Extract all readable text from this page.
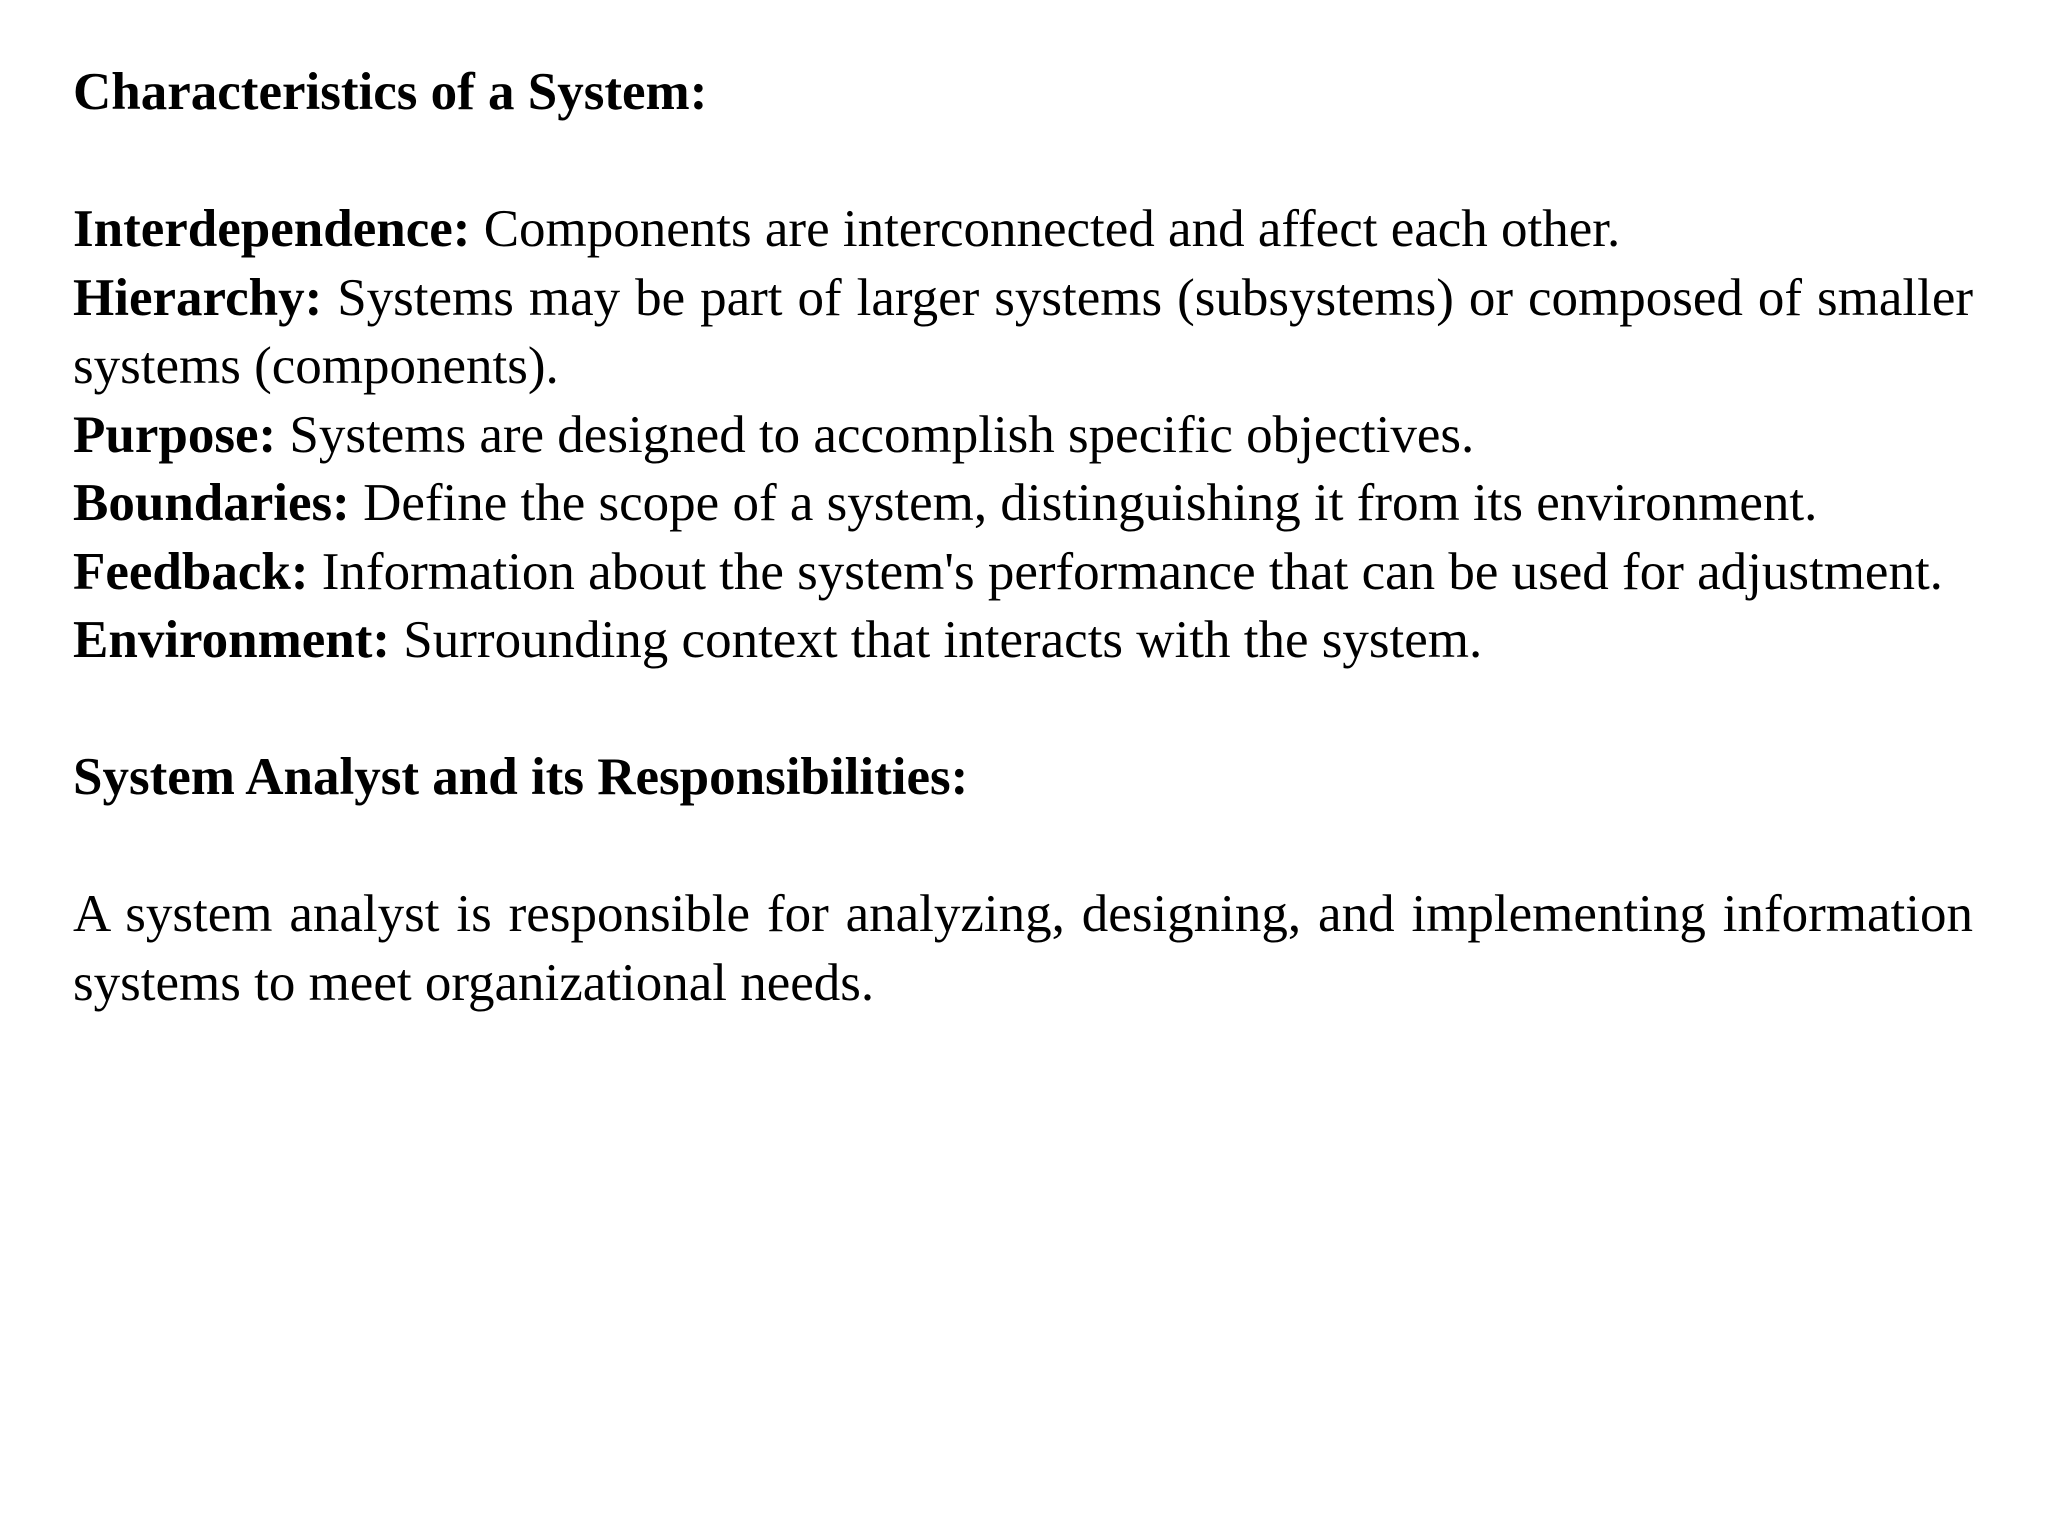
Characteristics of a System:

Interdependence: Components are interconnected and affect each other.

Hierarchy: Systems may be part of larger systems (subsystems) or composed of smaller systems (components).

Purpose: Systems are designed to accomplish specific objectives.

Boundaries: Define the scope of a system, distinguishing it from its environment.

Feedback: Information about the system's performance that can be used for adjustment.

Environment: Surrounding context that interacts with the system.

System Analyst and its Responsibilities:

A system analyst is responsible for analyzing, designing, and implementing information systems to meet organizational needs.
